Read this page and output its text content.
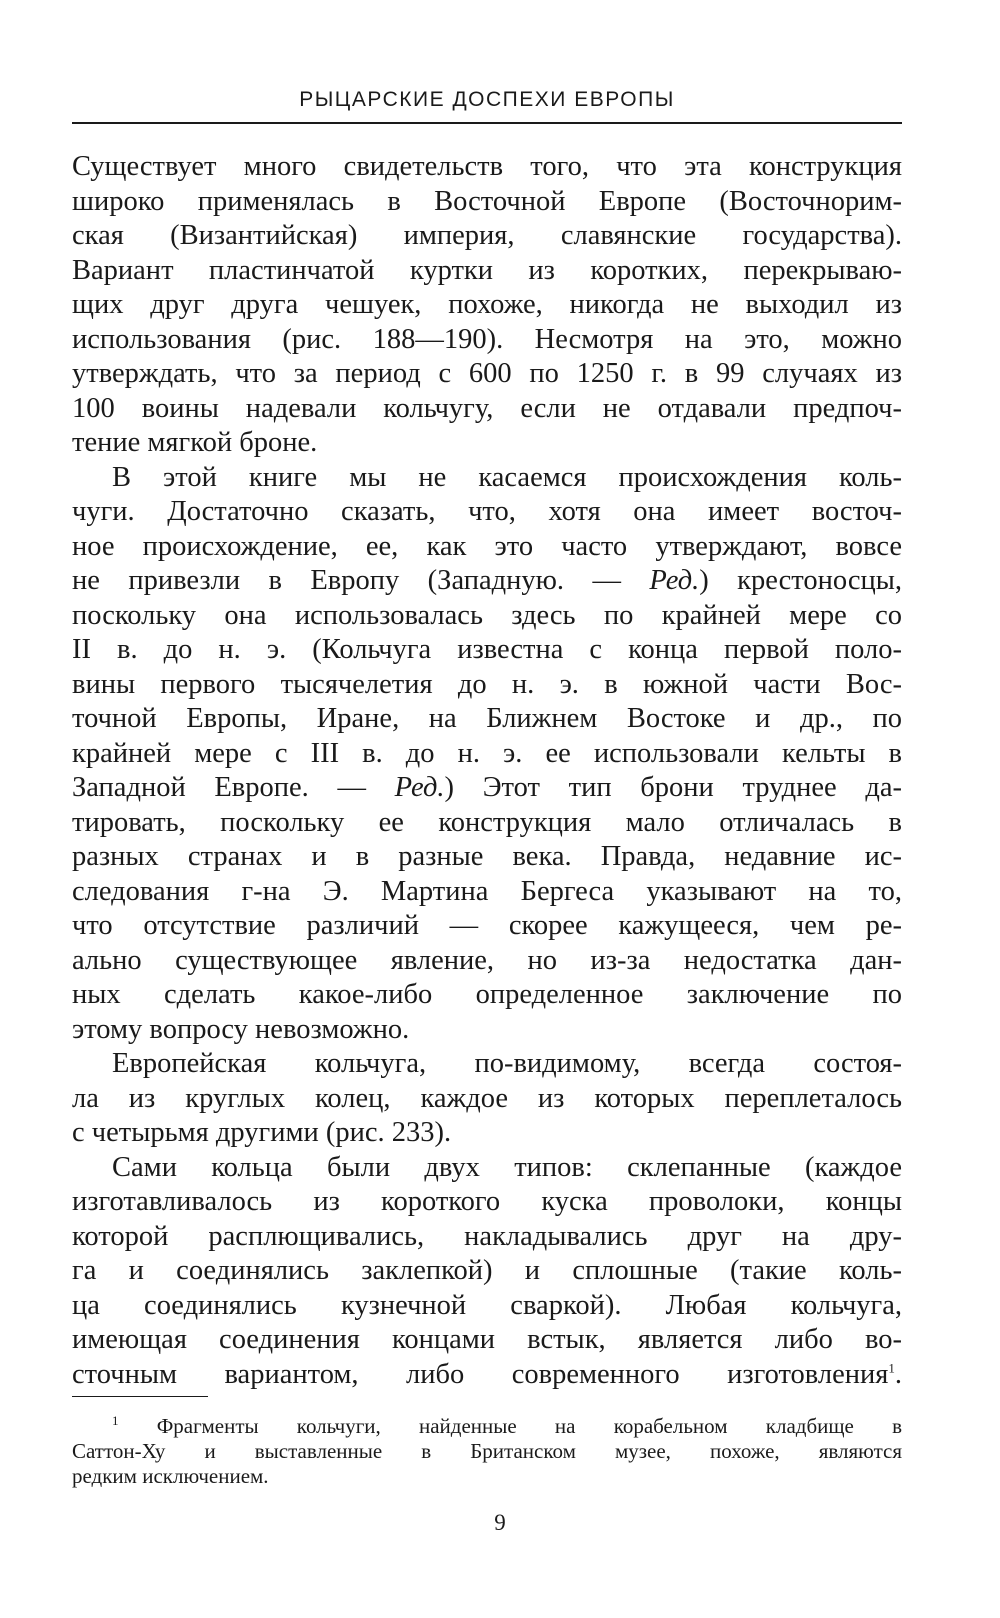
РЫЦАРСКИЕ ДОСПЕХИ ЕВРОПЫ

Существует много свидетельств того, что эта конструкция
широко применялась в Восточной Европе (Восточнорим-
ская (Византийская) империя, славянские государства).
Вариант пластинчатой куртки из коротких, перекрываю-
щих друг друга чешуек, похоже, никогда не выходил из
использования (рис. 188—190). Несмотря на это, можно
утверждать, что за период с 600 по 1250 г. в 99 случаях из
100 воины надевали кольчугу, если не отдавали предпоч-
тение мягкой броне.

В этой книге мы не касаемся происхождения коль-
чуги. Достаточно сказать, что, хотя она имеет восточ-
ное происхождение, ее, как это часто утверждают, вовсе
не привезли в Европу (Западную. — Ред.) крестоносцы,
поскольку она использовалась здесь по крайней мере со
II в. до н. э. (Кольчуга известна с конца первой поло-
вины первого тысячелетия до н. э. в южной части Вос-
точной Европы, Иране, на Ближнем Востоке и др., по
крайней мере с III в. до н. э. ее использовали кельты в
Западной Европе. — Ред.) Этот тип брони труднее да-
тировать, поскольку ее конструкция мало отличалась в
разных странах и в разные века. Правда, недавние ис-
следования г-на Э. Мартина Бергеса указывают на то,
что отсутствие различий — скорее кажущееся, чем ре-
ально существующее явление, но из-за недостатка дан-
ных сделать какое-либо определенное заключение по
этому вопросу невозможно.

Европейская кольчуга, по-видимому, всегда состоя-
ла из круглых колец, каждое из которых переплеталось
с четырьмя другими (рис. 233).

Сами кольца были двух типов: склепанные (каждое
изготавливалось из короткого куска проволоки, концы
которой расплющивались, накладывались друг на дру-
га и соединялись заклепкой) и сплошные (такие коль-
ца соединялись кузнечной сваркой). Любая кольчуга,
имеющая соединения концами встык, является либо во-
сточным вариантом, либо современного изготовления$^1$.

$^1$ Фрагменты кольчуги, найденные на корабельном кладбище в
Саттон-Ху и выставленные в Британском музее, похоже, являются
редким исключением.
9
